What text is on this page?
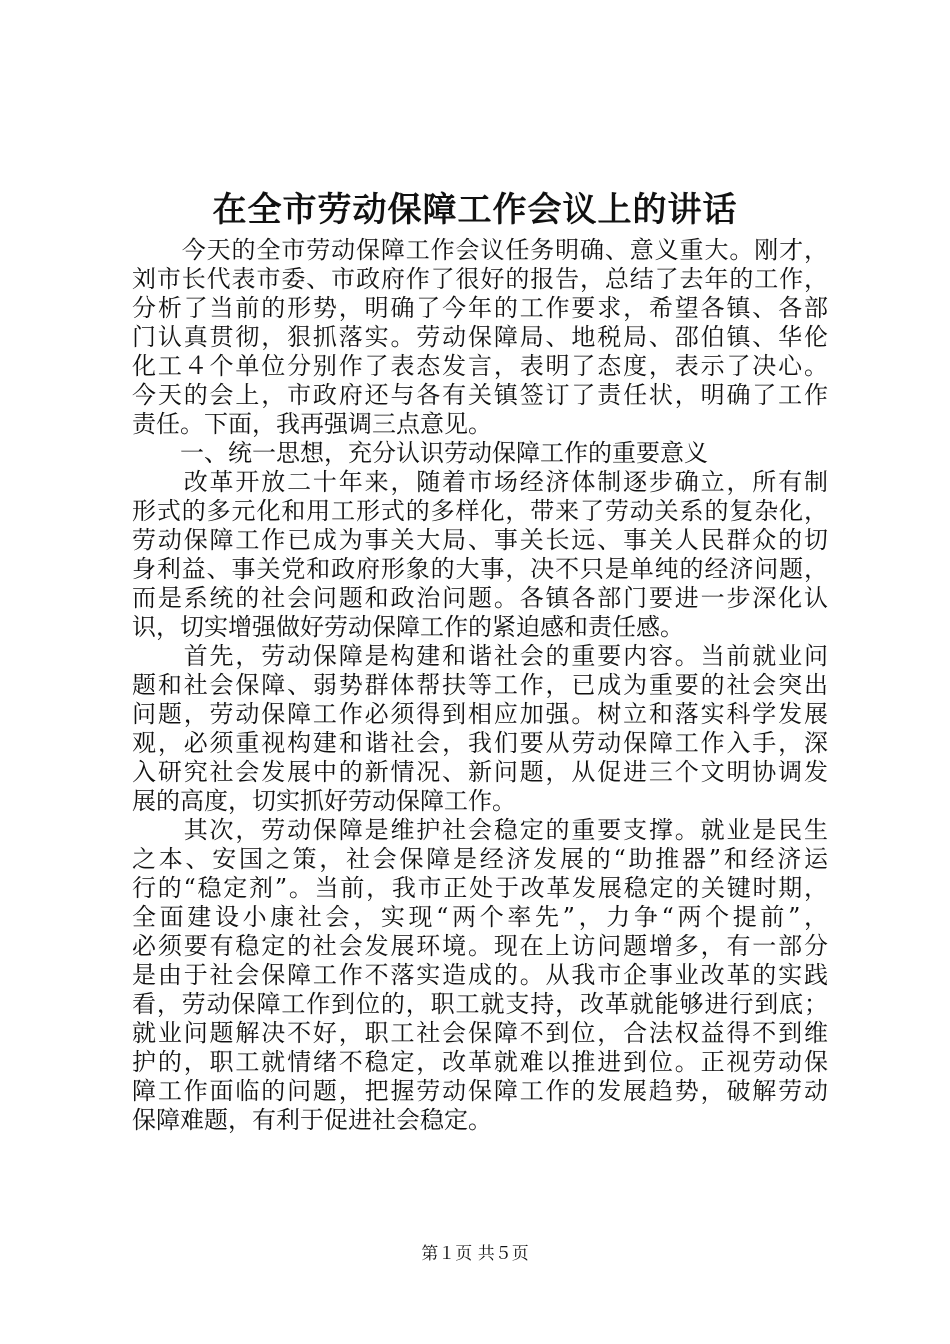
在全市劳动保障工作会议上的讲话
　　今天的全市劳动保障工作会议任务明确、意义重大。刚才，
刘市长代表市委、市政府作了很好的报告，总结了去年的工作，
分析了当前的形势，明确了今年的工作要求，希望各镇、各部
门认真贯彻，狠抓落实。劳动保障局、地税局、邵伯镇、华伦
化工４个单位分别作了表态发言，表明了态度，表示了决心。
今天的会上，市政府还与各有关镇签订了责任状，明确了工作
责任。下面，我再强调三点意见。
　　一、统一思想，充分认识劳动保障工作的重要意义
　　改革开放二十年来，随着市场经济体制逐步确立，所有制
形式的多元化和用工形式的多样化，带来了劳动关系的复杂化，
劳动保障工作已成为事关大局、事关长远、事关人民群众的切
身利益、事关党和政府形象的大事，决不只是单纯的经济问题，
而是系统的社会问题和政治问题。各镇各部门要进一步深化认
识，切实增强做好劳动保障工作的紧迫感和责任感。
　　首先，劳动保障是构建和谐社会的重要内容。当前就业问
题和社会保障、弱势群体帮扶等工作，已成为重要的社会突出
问题，劳动保障工作必须得到相应加强。树立和落实科学发展
观，必须重视构建和谐社会，我们要从劳动保障工作入手，深
入研究社会发展中的新情况、新问题，从促进三个文明协调发
展的高度，切实抓好劳动保障工作。
　　其次，劳动保障是维护社会稳定的重要支撑。就业是民生
之本、安国之策，社会保障是经济发展的“助推器”和经济运
行的“稳定剂”。当前，我市正处于改革发展稳定的关键时期，
全面建设小康社会，实现“两个率先”，力争“两个提前”，
必须要有稳定的社会发展环境。现在上访问题增多，有一部分
是由于社会保障工作不落实造成的。从我市企事业改革的实践
看，劳动保障工作到位的，职工就支持，改革就能够进行到底；
就业问题解决不好，职工社会保障不到位，合法权益得不到维
护的，职工就情绪不稳定，改革就难以推进到位。正视劳动保
障工作面临的问题，把握劳动保障工作的发展趋势，破解劳动
保障难题，有利于促进社会稳定。
第１页 共５页
